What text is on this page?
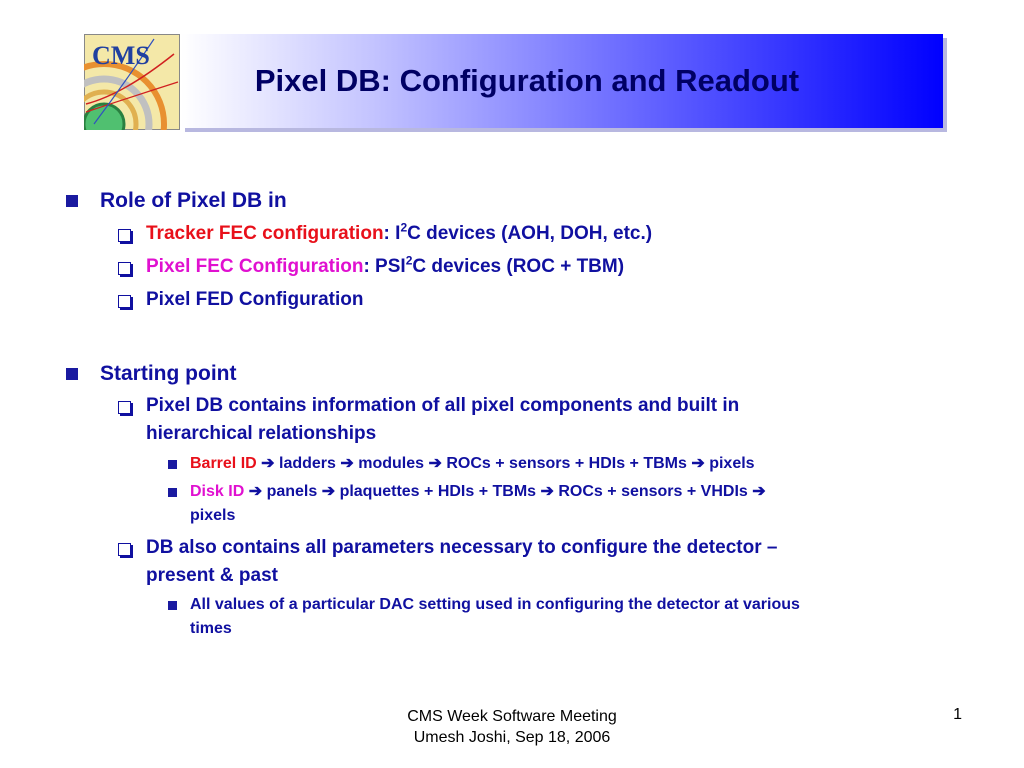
CMS
Pixel DB: Configuration and Readout
Role of Pixel DB in
Tracker FEC configuration: $I^2C$ devices (AOH, DOH, etc.)
Pixel FEC Configuration: PSI$^2$C devices (ROC + TBM)
Pixel FED Configuration
Starting point
Pixel DB contains information of all pixel components and built in
hierarchical relationships
Barrel ID ➔ ladders ➔ modules ➔ ROCs + sensors + HDIs + TBMs ➔ pixels
Disk ID ➔ panels ➔ plaquettes + HDIs + TBMs ➔ ROCs + sensors + VHDIs ➔
pixels
DB also contains all parameters necessary to configure the detector –
present & past
All values of a particular DAC setting used in configuring the detector at various
times
CMS Week Software Meeting
Umesh Joshi, Sep 18, 2006
1
